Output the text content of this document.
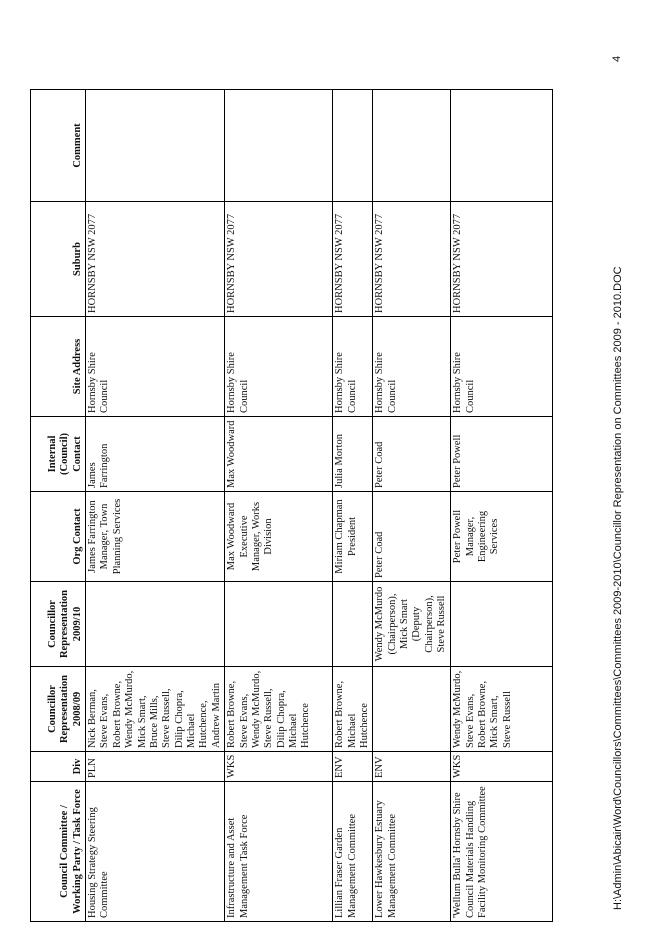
4
Council Committee / Working Party / Task Force	Div	Councillor Representation 2008/09	Councillor Representation 2009/10	Org Contact	Internal (Council) Contact	Site Address	Suburb	Comment
Housing Strategy Steering Committee	PLN	Nick Berman, Steve Evans, Robert Browne, Wendy McMurdo, Mick Smart, Bruce Mills, Steve Russell, Dilip Chopra, Michael Hutchence, Andrew Martin		James Farrington Manager, Town Planning Services	James Farrington	Hornsby Shire Council	HORNSBY NSW 2077	
Infrastructure and Asset Management Task Force	WKS	Robert Browne, Steve Evans, Wendy McMurdo, Steve Russell, Dilip Chopra, Michael Hutchence		Max Woodward Executive Manager, Works Division	Max Woodward	Hornsby Shire Council	HORNSBY NSW 2077	
Lillian Fraser Garden Management Committee	ENV	Robert Browne, Michael Hutchence		Miriam Chapman President	Julia Morton	Hornsby Shire Council	HORNSBY NSW 2077	
Lower Hawkesbury Estuary Management Committee	ENV		Wendy McMurdo (Chairperson), Mick Smart (Deputy Chairperson), Steve Russell	Peter Coad	Peter Coad	Hornsby Shire Council	HORNSBY NSW 2077	
'Wellum Bulla' Hornsby Shire Council Materials Handling Facility Monitoring Committee	WKS	Wendy McMurdo, Steve Evans, Robert Browne, Mick Smart, Steve Russell		Peter Powell Manager, Engineering Services	Peter Powell	Hornsby Shire Council	HORNSBY NSW 2077	
H:\Admin\Abicair\Word\Councillors\Committees\Committees 2009-2010\Councillor Representation on Committees 2009 - 2010.DOC
